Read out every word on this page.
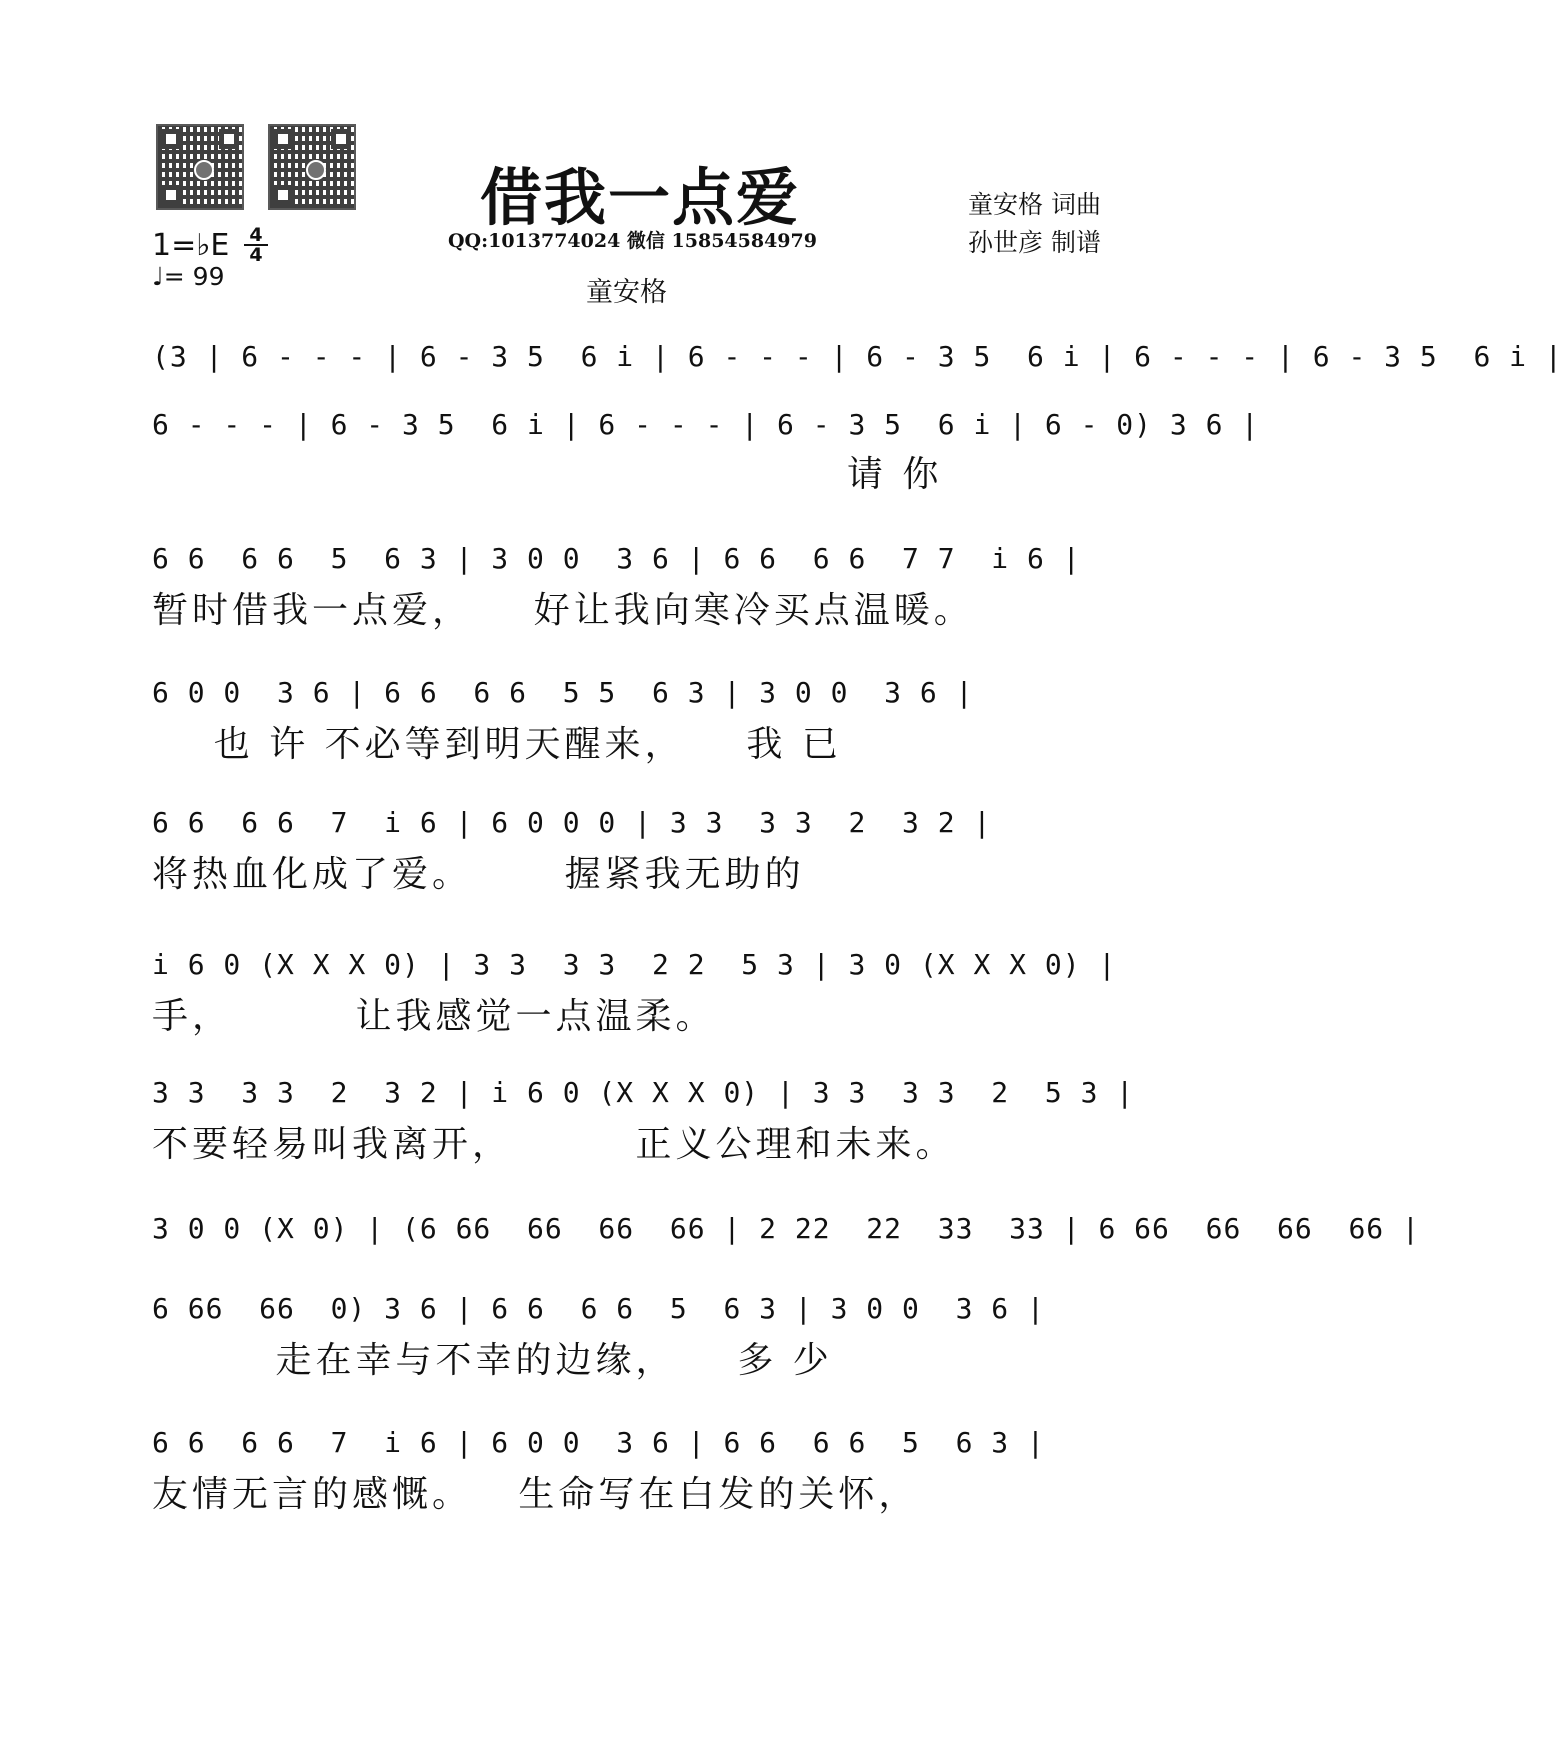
借我一点爱
QQ:1013774024 微信 15854584979
童安格
童安格 词曲
孙世彦 制谱
1=♭E 4
4
♩= 99
(3 | 6 - - - | 6 - 3 5  6 i | 6 - - - | 6 - 3 5  6 i | 6 - - - | 6 - 3 5  6 i |
6 - - - | 6 - 3 5  6 i | 6 - - - | 6 - 3 5  6 i | 6 - 0) 3 6 |
请 你
6 6  6 6  5  6 3 | 3 0 0  3 6 | 6 6  6 6  7 7  i 6 |
暂时借我一点爱，    好让我向寒冷买点温暖。
6 0 0  3 6 | 6 6  6 6  5 5  6 3 | 3 0 0  3 6 |
也 许 不必等到明天醒来，    我 已
6 6  6 6  7  i 6 | 6 0 0 0 | 3 3  3 3  2  3 2 |
将热血化成了爱。      握紧我无助的
i 6 0 (X X X 0) | 3 3  3 3  2 2  5 3 | 3 0 (X X X 0) |
手，        让我感觉一点温柔。
3 3  3 3  2  3 2 | i 6 0 (X X X 0) | 3 3  3 3  2  5 3 |
不要轻易叫我离开，        正义公理和未来。
3 0 0 (X 0) | (6 66  66  66  66 | 2 22  22  33  33 | 6 66  66  66  66 |
6 66  66  0) 3 6 | 6 6  6 6  5  6 3 | 3 0 0  3 6 |
走在幸与不幸的边缘，    多 少
6 6  6 6  7  i 6 | 6 0 0  3 6 | 6 6  6 6  5  6 3 |
友情无言的感慨。   生命写在白发的关怀，
